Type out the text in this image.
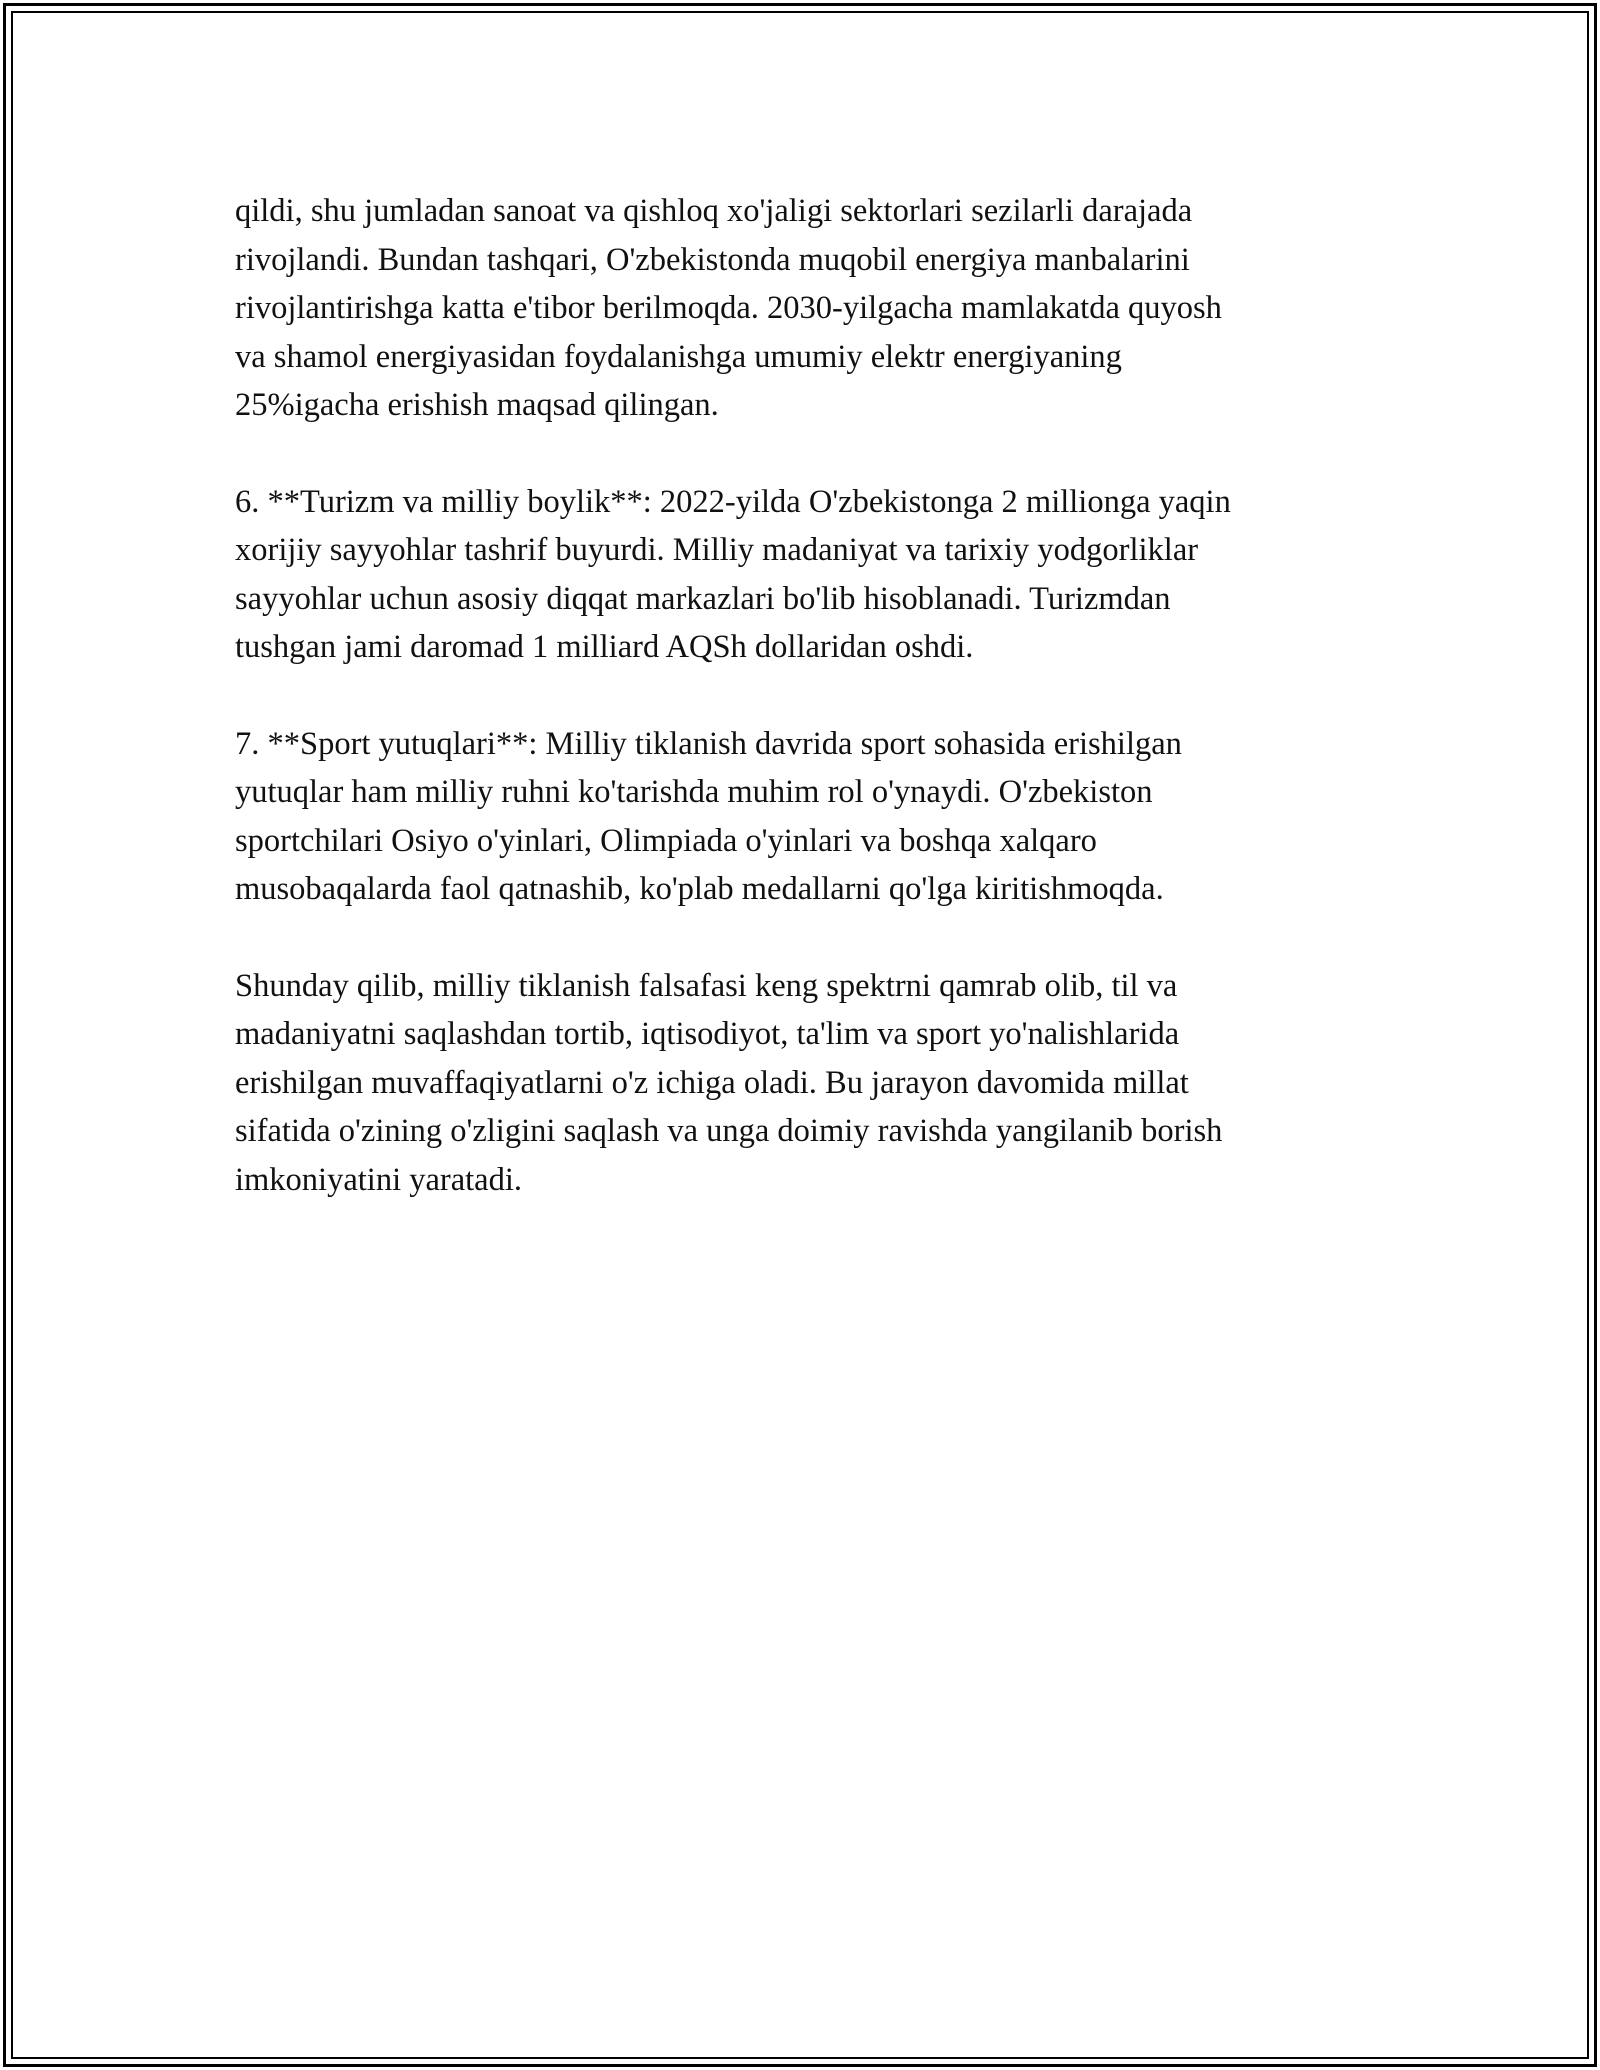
qildi, shu jumladan sanoat va qishloq xo'jaligi sektorlari sezilarli darajada
rivojlandi. Bundan tashqari, O'zbekistonda muqobil energiya manbalarini
rivojlantirishga katta e'tibor berilmoqda. 2030-yilgacha mamlakatda quyosh
va shamol energiyasidan foydalanishga umumiy elektr energiyaning
25%igacha erishish maqsad qilingan.

6. **Turizm va milliy boylik**: 2022-yilda O'zbekistonga 2 millionga yaqin
xorijiy sayyohlar tashrif buyurdi. Milliy madaniyat va tarixiy yodgorliklar
sayyohlar uchun asosiy diqqat markazlari bo'lib hisoblanadi. Turizmdan
tushgan jami daromad 1 milliard AQSh dollaridan oshdi.

7. **Sport yutuqlari**: Milliy tiklanish davrida sport sohasida erishilgan
yutuqlar ham milliy ruhni ko'tarishda muhim rol o'ynaydi. O'zbekiston
sportchilari Osiyo o'yinlari, Olimpiada o'yinlari va boshqa xalqaro
musobaqalarda faol qatnashib, ko'plab medallarni qo'lga kiritishmoqda.

Shunday qilib, milliy tiklanish falsafasi keng spektrni qamrab olib, til va
madaniyatni saqlashdan tortib, iqtisodiyot, ta'lim va sport yo'nalishlarida
erishilgan muvaffaqiyatlarni o'z ichiga oladi. Bu jarayon davomida millat
sifatida o'zining o'zligini saqlash va unga doimiy ravishda yangilanib borish
imkoniyatini yaratadi.
